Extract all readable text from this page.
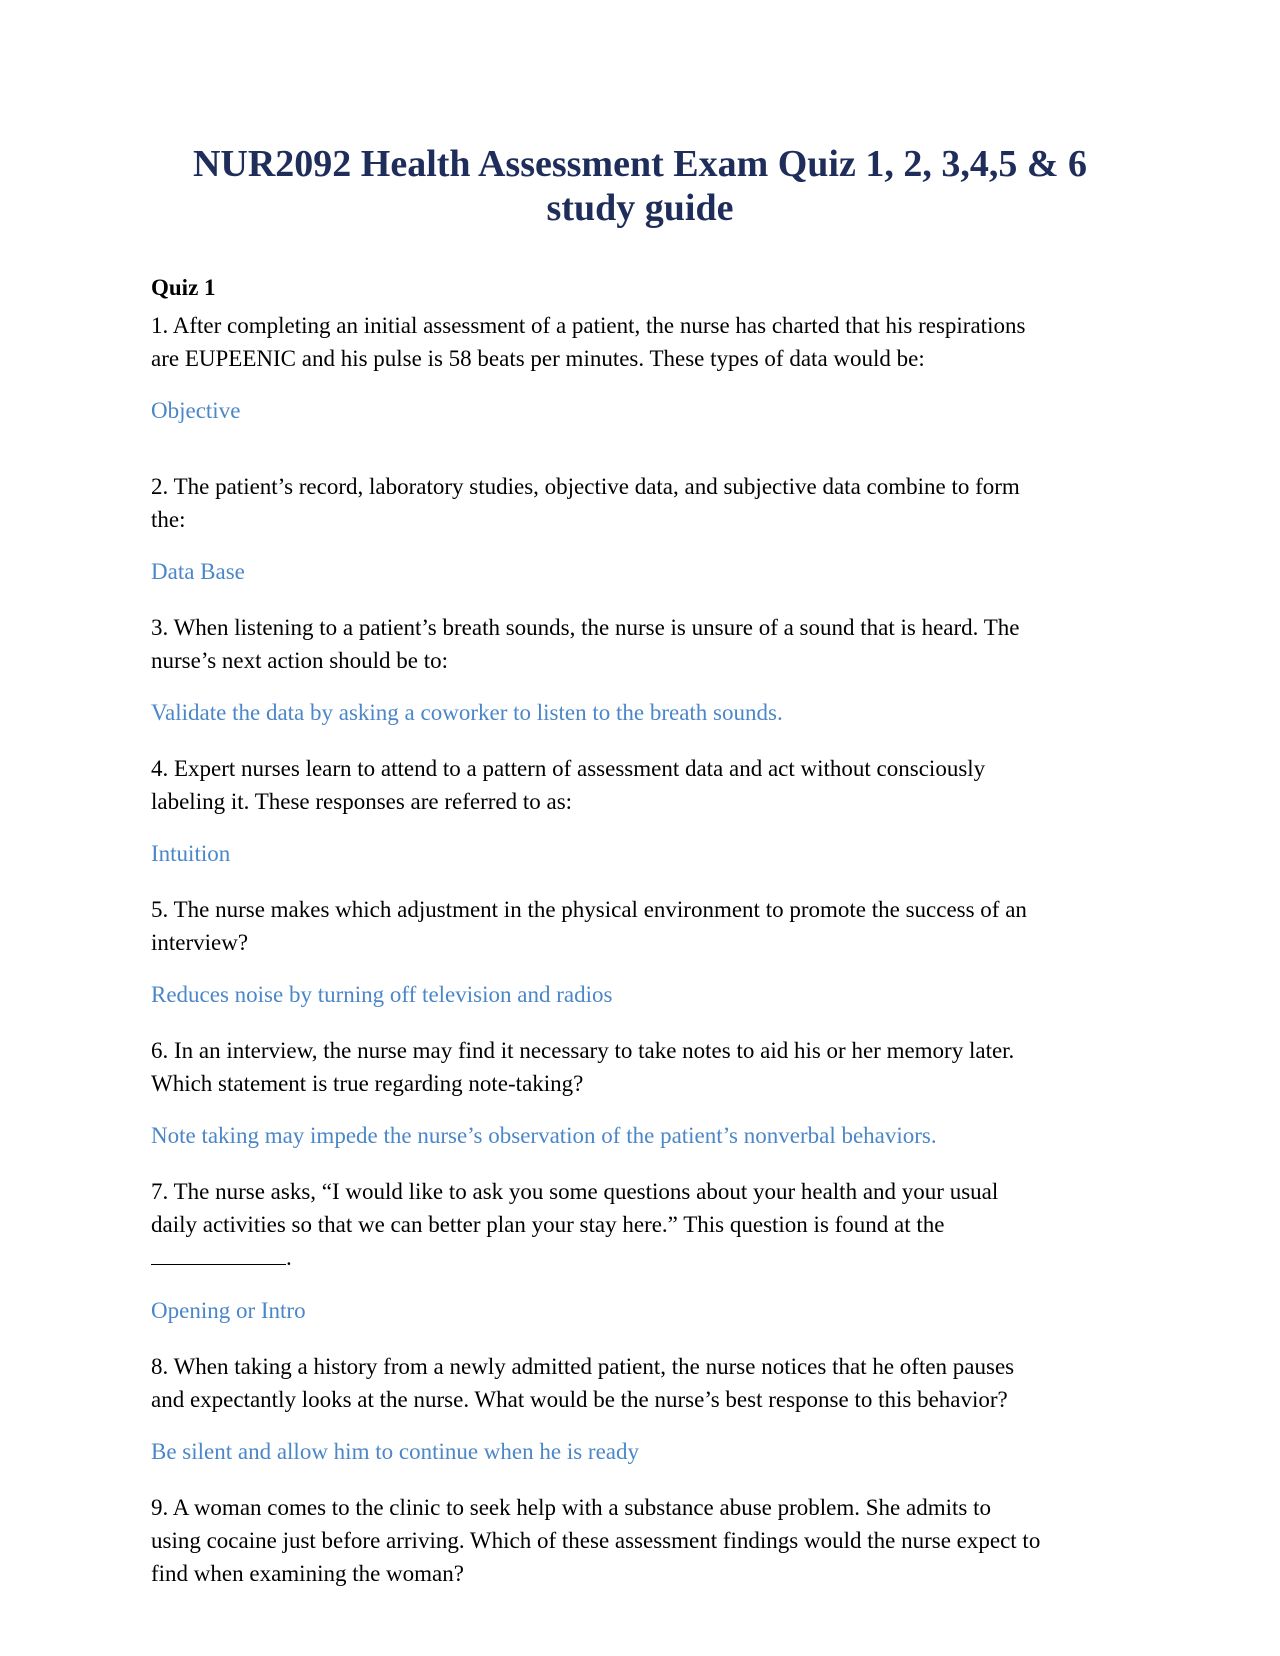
NUR2092 Health Assessment Exam Quiz 1, 2, 3,4,5 & 6
study guide
Quiz 1

1. After completing an initial assessment of a patient, the nurse has charted that his respirations

are EUPEENIC and his pulse is 58 beats per minutes. These types of data would be:

Objective

2. The patient’s record, laboratory studies, objective data, and subjective data combine to form

the:

Data Base

3. When listening to a patient’s breath sounds, the nurse is unsure of a sound that is heard. The

nurse’s next action should be to:

Validate the data by asking a coworker to listen to the breath sounds.

4. Expert nurses learn to attend to a pattern of assessment data and act without consciously

labeling it. These responses are referred to as:

Intuition

5. The nurse makes which adjustment in the physical environment to promote the success of an

interview?

Reduces noise by turning off television and radios

6. In an interview, the nurse may find it necessary to take notes to aid his or her memory later.

Which statement is true regarding note-taking?

Note taking may impede the nurse’s observation of the patient’s nonverbal behaviors.

7. The nurse asks, “I would like to ask you some questions about your health and your usual

daily activities so that we can better plan your stay here.” This question is found at the

.

Opening or Intro

8. When taking a history from a newly admitted patient, the nurse notices that he often pauses

and expectantly looks at the nurse. What would be the nurse’s best response to this behavior?

Be silent and allow him to continue when he is ready

9. A woman comes to the clinic to seek help with a substance abuse problem. She admits to

using cocaine just before arriving. Which of these assessment findings would the nurse expect to

find when examining the woman?
